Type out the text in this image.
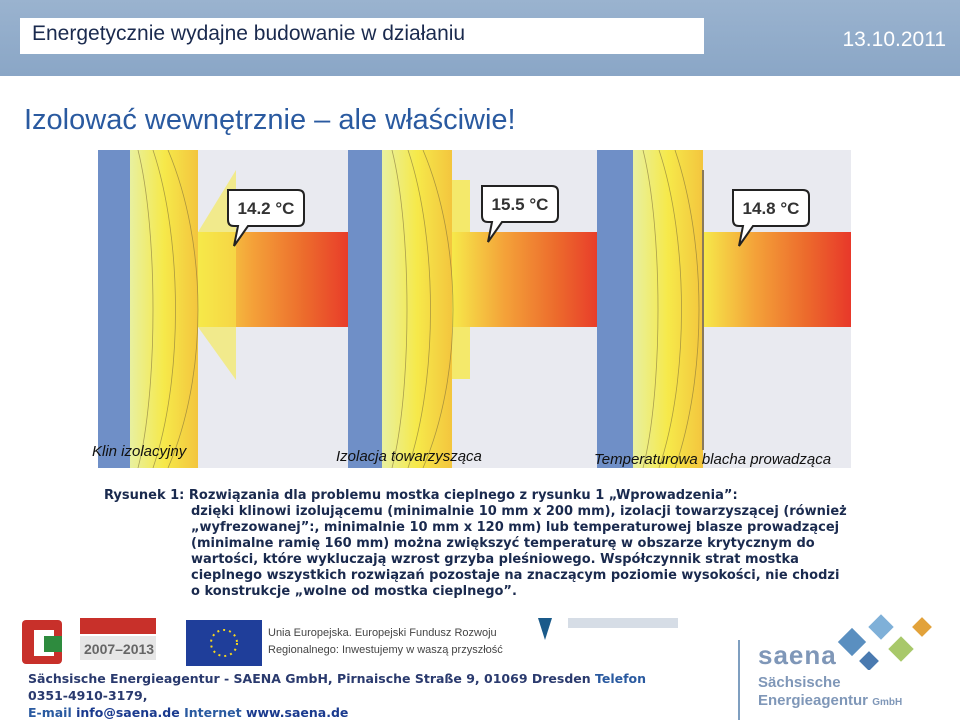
Energetycznie wydajne budowanie w działaniu	13.10.2011
Izolować wewnętrznie – ale właściwie!
14.2 °C	15.5 °C	14.8 °C
Klin izolacyjny	Izolacja towarzysząca	Temperaturowa blacha prowadząca
Rysunek 1: Rozwiązania dla problemu mostka cieplnego z rysunku 1 „Wprowadzenia”:
dzięki klinowi izolującemu (minimalnie 10 mm x 200 mm), izolacji towarzyszącej (również
„wyfrezowanej”:, minimalnie 10 mm x 120 mm) lub temperaturowej blasze prowadzącej
(minimalne ramię 160 mm) można zwiększyć temperaturę w obszarze krytycznym do
wartości, które wykluczają wzrost grzyba pleśniowego. Współczynnik strat mostka
cieplnego wszystkich rozwiązań pozostaje na znaczącym poziomie wysokości, nie chodzi
o konstrukcje „wolne od mostka cieplnego”.
2007–2013
Unia Europejska. Europejski Fundusz Rozwoju
Regionalnego: Inwestujemy w waszą przyszłość	saena
Sächsische
Energieagentur GmbH
Sächsische Energieagentur - SAENA GmbH, Pirnaische Straße 9, 01069 Dresden Telefon 0351-4910-3179,
E-mail info@saena.de Internet www.saena.de
